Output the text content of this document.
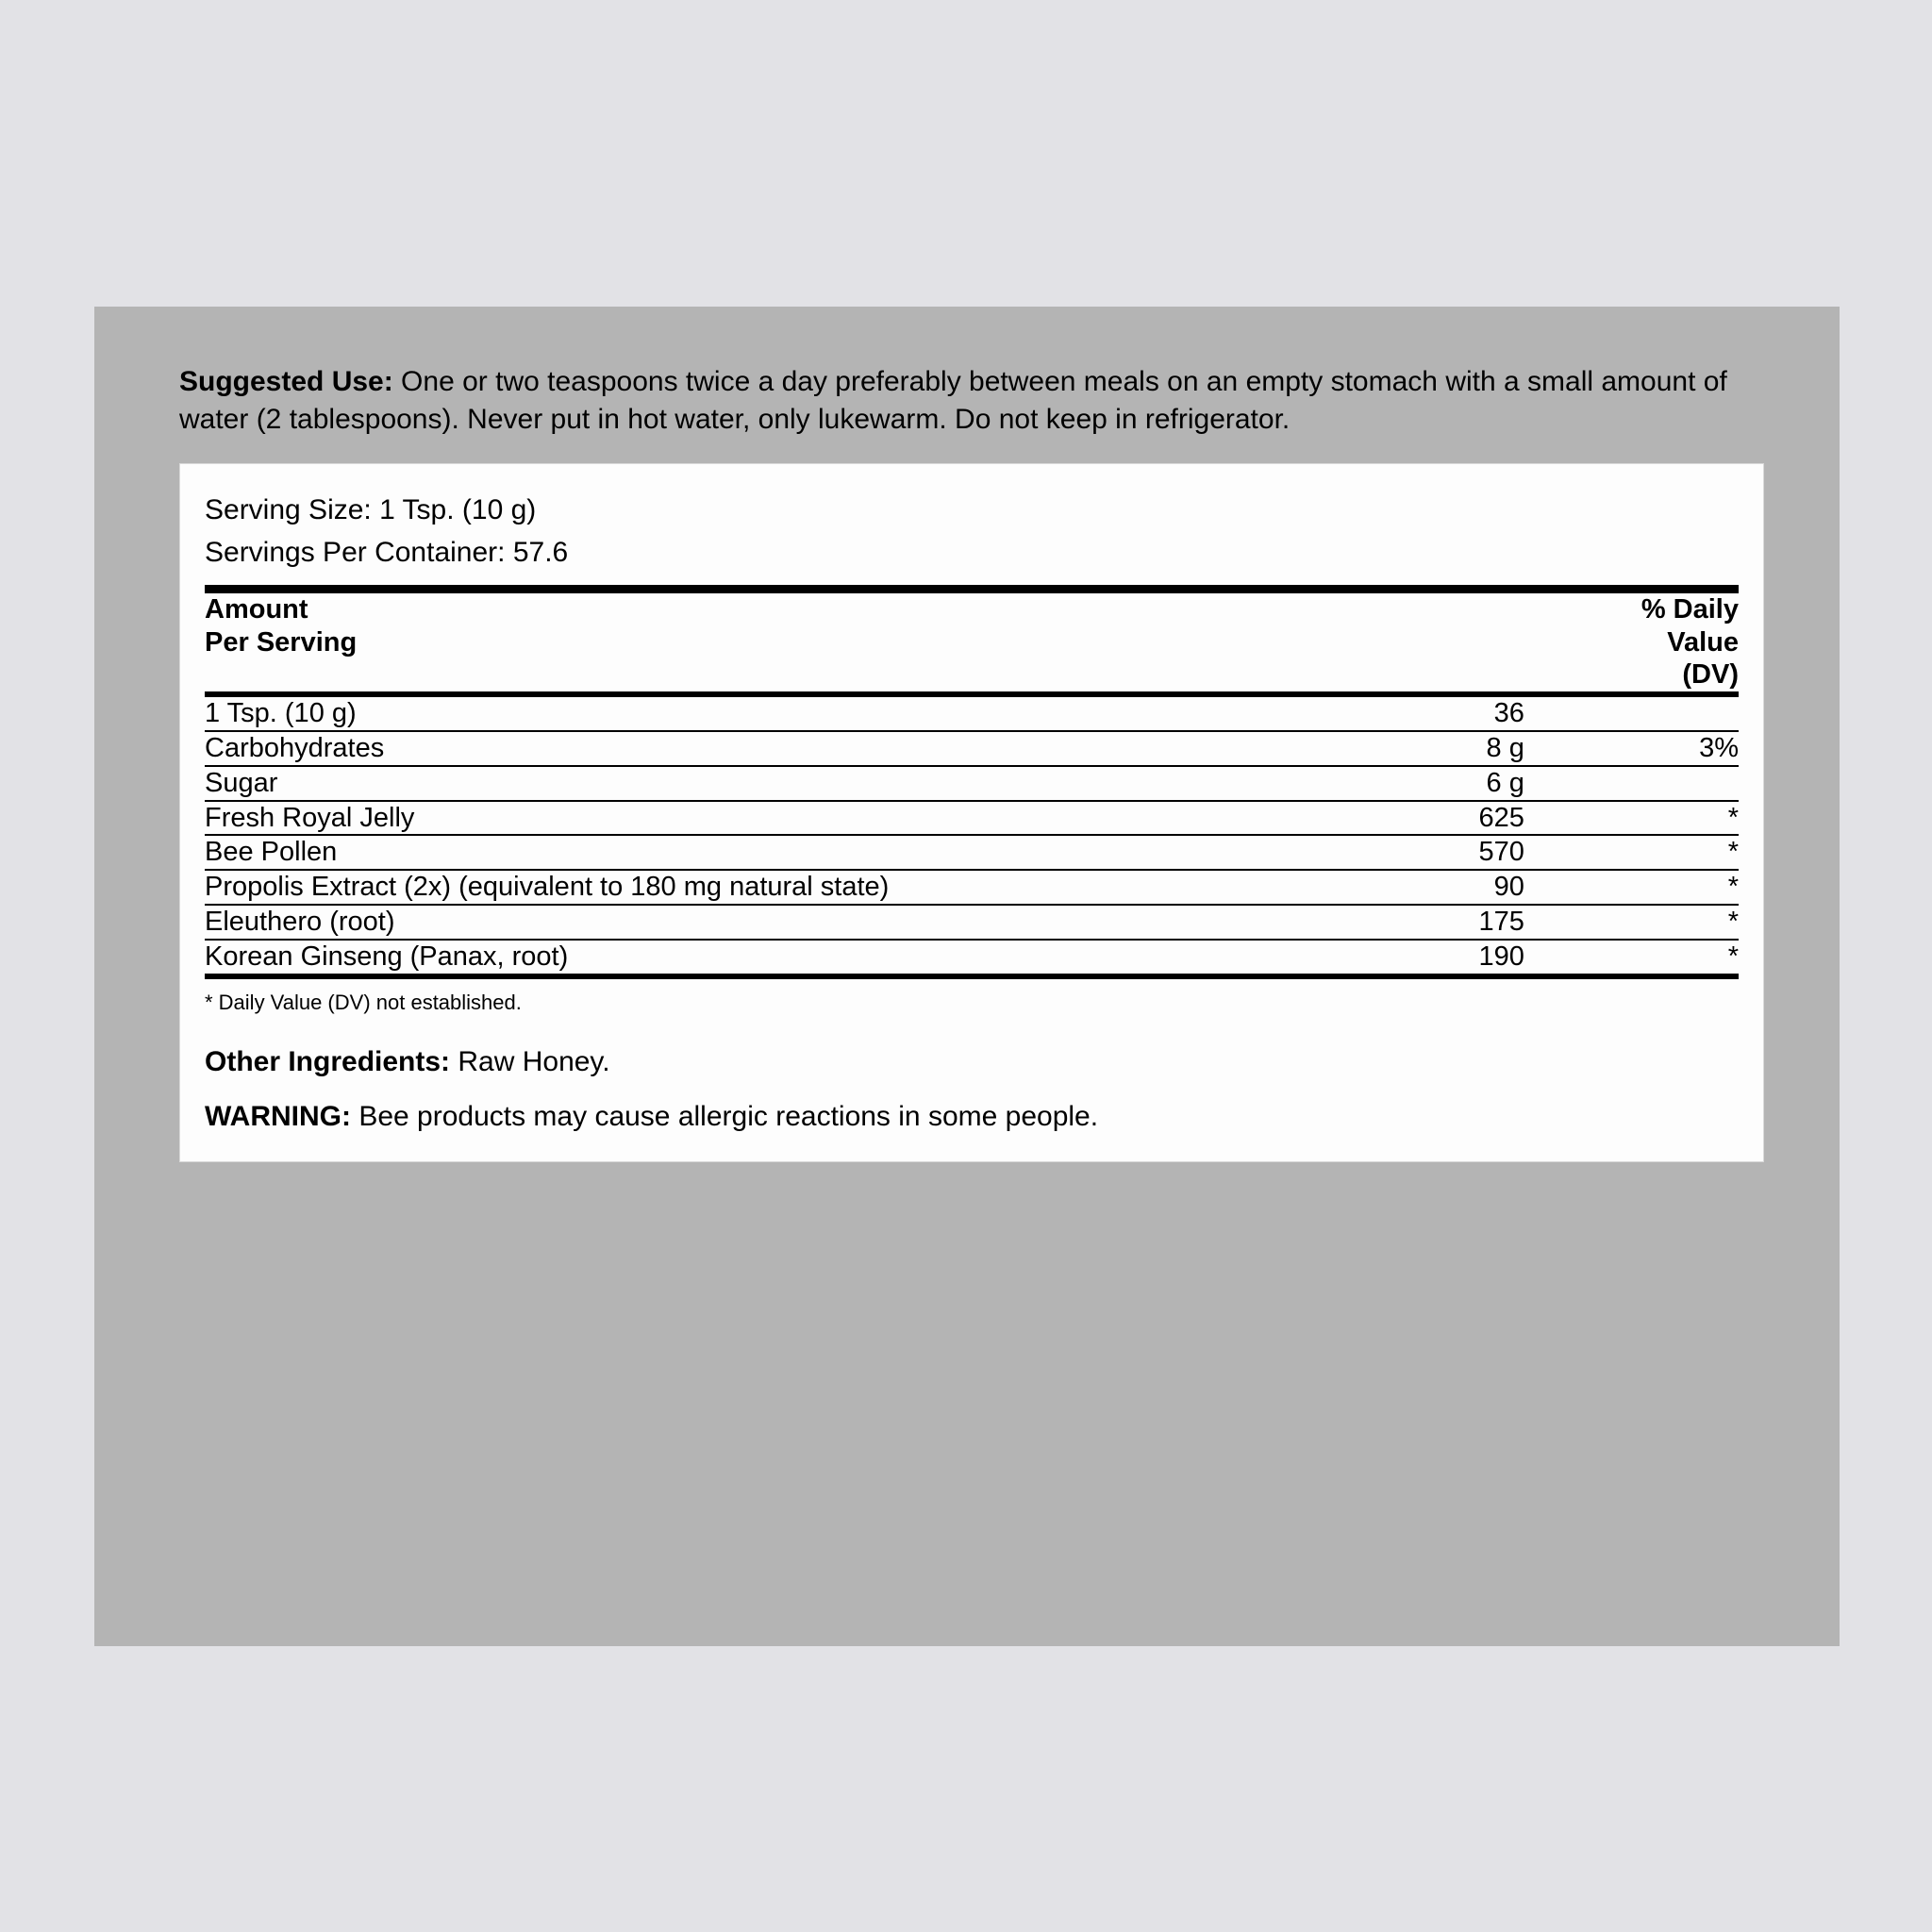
Suggested Use: One or two teaspoons twice a day preferably between meals on an empty stomach with a small amount of water (2 tablespoons). Never put in hot water, only lukewarm. Do not keep in refrigerator.
Serving Size: 1 Tsp. (10 g)
Servings Per Container: 57.6
Amount
Per Serving

% Daily
Value
(DV)
1 Tsp. (10 g)	36	
Carbohydrates	8 g	3%
Sugar	6 g	
Fresh Royal Jelly	625	*
Bee Pollen	570	*
Propolis Extract (2x) (equivalent to 180 mg natural state)	90	*
Eleuthero (root)	175	*
Korean Ginseng (Panax, root)	190	*
* Daily Value (DV) not established.
Other Ingredients: Raw Honey.
WARNING: Bee products may cause allergic reactions in some people.
